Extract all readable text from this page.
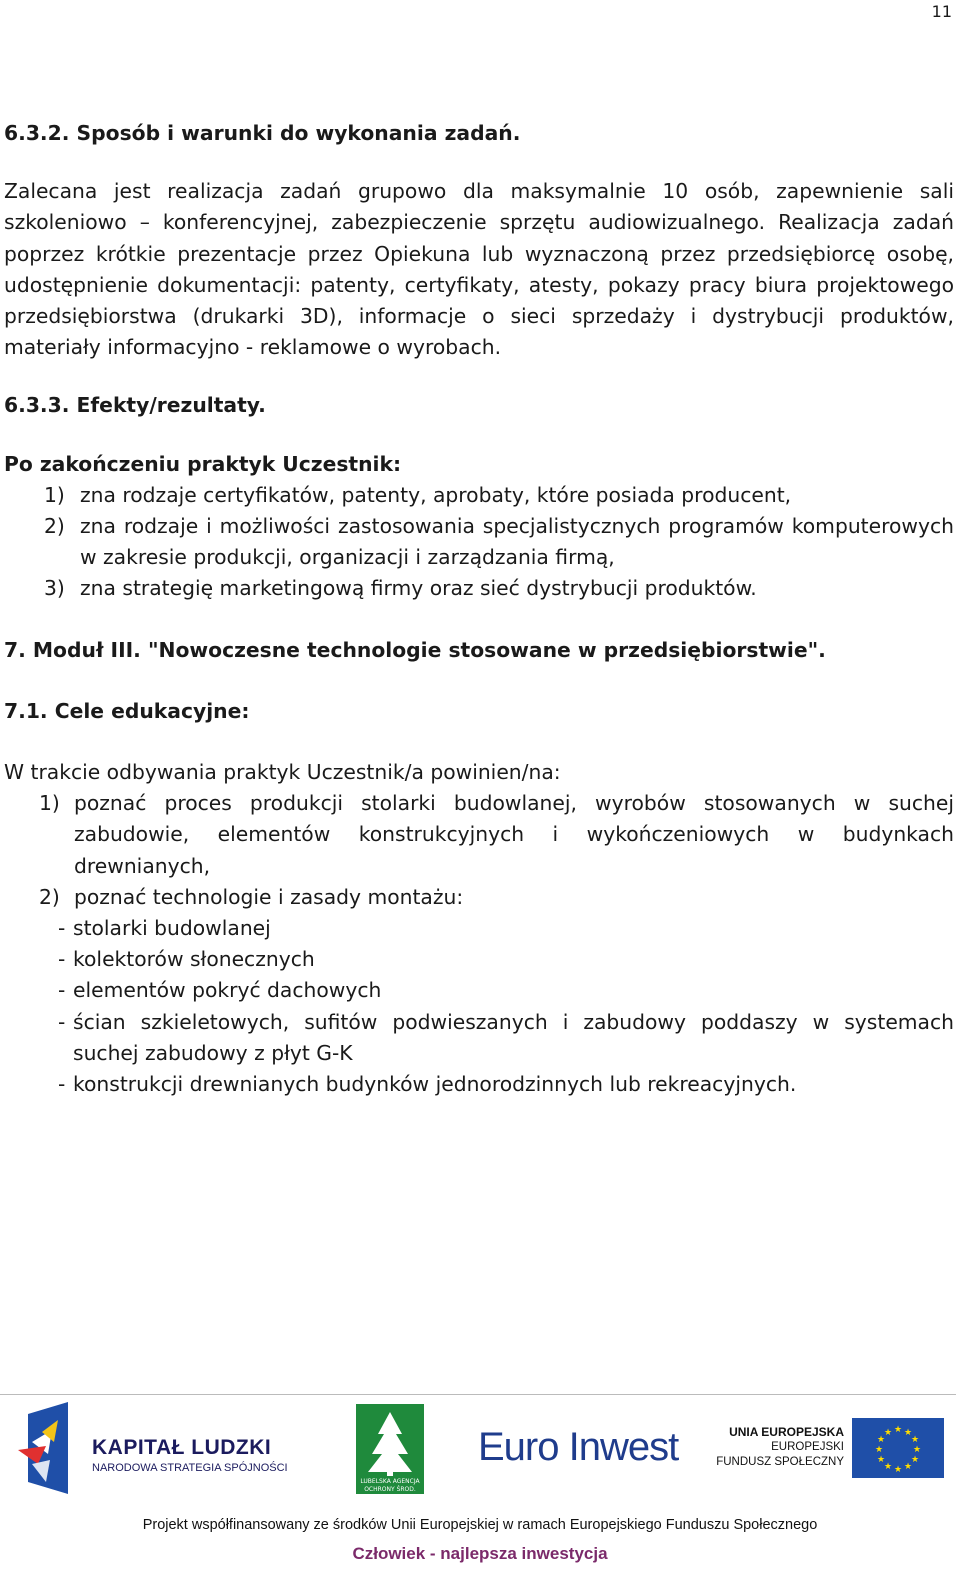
11

6.3.2. Sposób i warunki do wykonania zadań.

Zalecana jest realizacja zadań grupowo dla maksymalnie 10 osób, zapewnienie sali szkoleniowo – konferencyjnej, zabezpieczenie sprzętu audiowizualnego. Realizacja zadań poprzez krótkie prezentacje przez Opiekuna lub wyznaczoną przez przedsiębiorcę osobę, udostępnienie dokumentacji: patenty, certyfikaty, atesty, pokazy pracy biura projektowego przedsiębiorstwa (drukarki 3D), informacje o sieci sprzedaży i dystrybucji produktów, materiały informacyjno - reklamowe o wyrobach.

6.3.3. Efekty/rezultaty.

Po zakończeniu praktyk Uczestnik:

1) zna rodzaje certyfikatów, patenty, aprobaty, które posiada producent,
2) zna rodzaje i możliwości zastosowania specjalistycznych programów komputerowych w zakresie produkcji, organizacji i zarządzania firmą,
3) zna strategię marketingową firmy oraz sieć dystrybucji produktów.

7. Moduł III. "Nowoczesne technologie stosowane w przedsiębiorstwie".

7.1. Cele edukacyjne:

W trakcie odbywania praktyk Uczestnik/a powinien/na:

1) poznać proces produkcji stolarki budowlanej, wyrobów stosowanych w suchej zabudowie, elementów konstrukcyjnych i wykończeniowych w budynkach drewnianych,
2) poznać technologie i zasady montażu:
- stolarki budowlanej
- kolektorów słonecznych
- elementów pokryć dachowych
- ścian szkieletowych, sufitów podwieszanych i zabudowy poddaszy w systemach suchej zabudowy z płyt G-K
- konstrukcji drewnianych budynków jednorodzinnych lub rekreacyjnych.
KAPITAŁ LUDZKI
NARODOWA STRATEGIA SPÓJNOŚCI
LUBELSKA AGENCJA
OCHRONY ŚROD.
Euro Inwest	UNIA EUROPEJSKA
EUROPEJSKI
FUNDUSZ SPOŁECZNY
★ ★
★
★
★
★
★
★
★
★
★
★
Projekt współfinansowany ze środków Unii Europejskiej w ramach Europejskiego Funduszu Społecznego
Człowiek - najlepsza inwestycja
